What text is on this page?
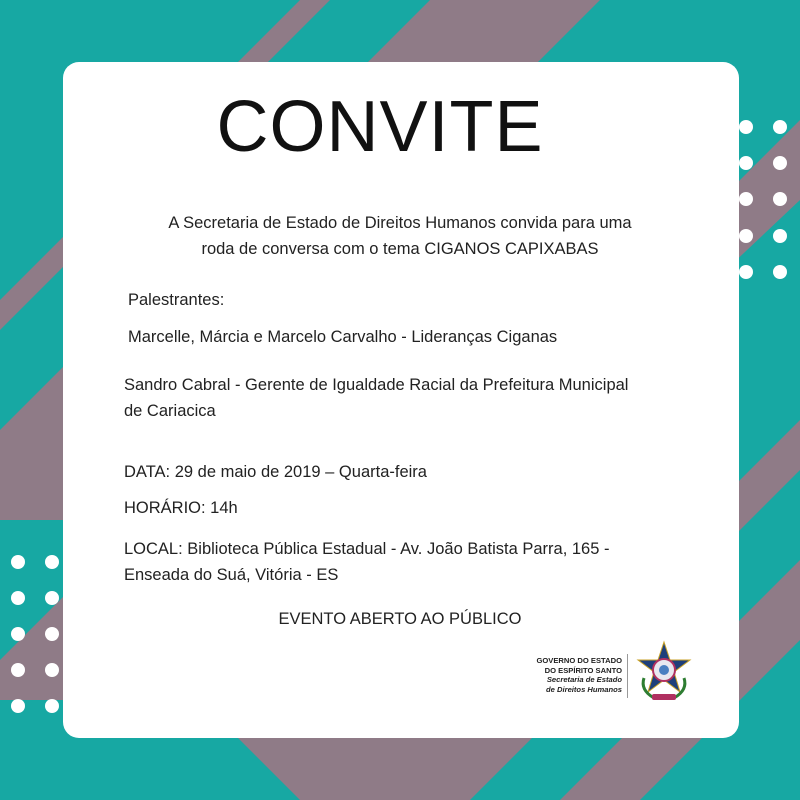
CONVITE

A Secretaria de Estado de Direitos Humanos convida para uma

roda de conversa com o tema CIGANOS CAPIXABAS

Palestrantes:

Marcelle, Márcia e Marcelo Carvalho - Lideranças Ciganas

Sandro Cabral - Gerente de Igualdade Racial da Prefeitura Municipal

de Cariacica

DATA: 29 de maio de 2019 – Quarta-feira

HORÁRIO: 14h

LOCAL: Biblioteca Pública Estadual - Av. João Batista Parra, 165 -

Enseada do Suá, Vitória - ES

EVENTO ABERTO AO PÚBLICO

GOVERNO DO ESTADO
DO ESPÍRITO SANTO
Secretaria de Estado
de Direitos Humanos
